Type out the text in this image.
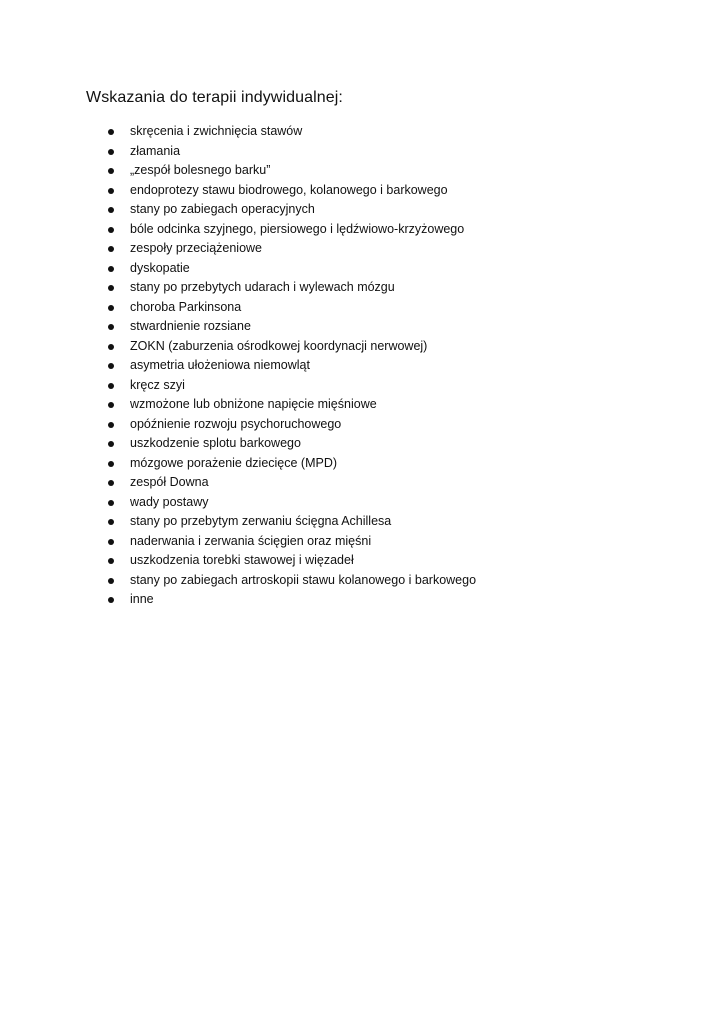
Wskazania do terapii indywidualnej:
skręcenia i zwichnięcia stawów
złamania
„zespół bolesnego barku”
endoprotezy stawu biodrowego, kolanowego i barkowego
stany po zabiegach operacyjnych
bóle odcinka szyjnego, piersiowego i lędźwiowo-krzyżowego
zespoły przeciążeniowe
dyskopatie
stany po przebytych udarach i wylewach mózgu
choroba Parkinsona
stwardnienie rozsiane
ZOKN (zaburzenia ośrodkowej koordynacji nerwowej)
asymetria ułożeniowa niemowląt
kręcz szyi
wzmożone lub obniżone napięcie mięśniowe
opóźnienie rozwoju psychoruchowego
uszkodzenie splotu barkowego
mózgowe porażenie dziecięce (MPD)
zespół Downa
wady postawy
stany po przebytym zerwaniu ścięgna Achillesa
naderwania i zerwania ścięgien oraz mięśni
uszkodzenia torebki stawowej i więzadeł
stany po zabiegach artroskopii stawu kolanowego i barkowego
inne
